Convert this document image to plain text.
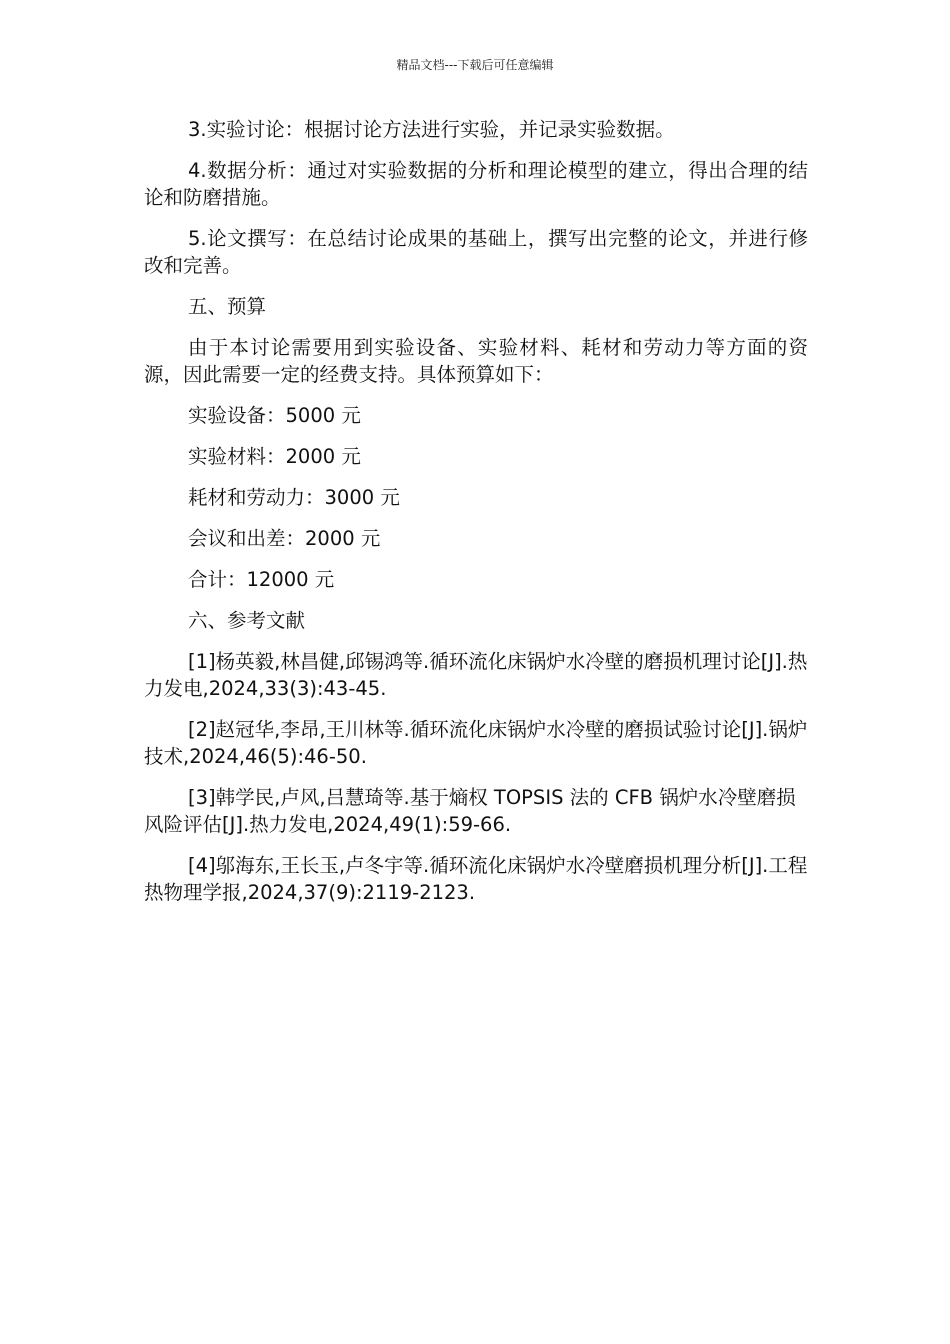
精品文档---下载后可任意编辑

3.实验讨论：根据讨论方法进行实验，并记录实验数据。

4.数据分析：通过对实验数据的分析和理论模型的建立，得出合理的结论和防磨措施。

5.论文撰写：在总结讨论成果的基础上，撰写出完整的论文，并进行修改和完善。

五、预算

由于本讨论需要用到实验设备、实验材料、耗材和劳动力等方面的资源，因此需要一定的经费支持。具体预算如下：

实验设备：5000 元

实验材料：2000 元

耗材和劳动力：3000 元

会议和出差：2000 元

合计：12000 元

六、参考文献

[1]杨英毅,林昌健,邱锡鸿等.循环流化床锅炉水冷壁的磨损机理讨论[J].热力发电,2024,33(3):43-45.

[2]赵冠华,李昂,王川林等.循环流化床锅炉水冷壁的磨损试验讨论[J].锅炉技术,2024,46(5):46-50.

[3]韩学民,卢风,吕慧琦等.基于熵权 TOPSIS 法的 CFB 锅炉水冷壁磨损风险评估[J].热力发电,2024,49(1):59-66.

[4]邬海东,王长玉,卢冬宇等.循环流化床锅炉水冷壁磨损机理分析[J].工程热物理学报,2024,37(9):2119-2123.
